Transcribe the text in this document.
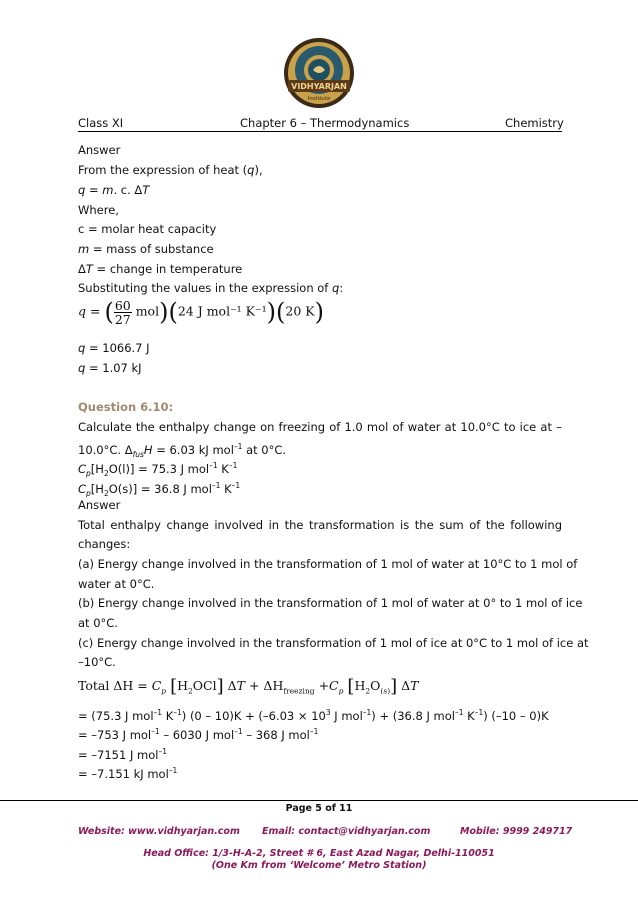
VIDHYARJAN
Institute
Class XI	Chapter 6 – Thermodynamics	Chemistry
Answer
From the expression of heat (q),
q = m. c. ΔT
Where,
c = molar heat capacity
m = mass of substance
ΔT = change in temperature
Substituting the values in the expression of q:
q = ( $\frac{60}{27} mol)(24$ J mol⁻¹ K⁻¹)(20 K)
q = 1066.7 J
q = 1.07 kJ
Question 6.10:
Calculate the enthalpy change on freezing of 1.0 mol of water at 10.0°C to ice at –
10.0°C. $\Delta_{fus}H = 6.03$ kJ mol$^{-1}$ at 0°C.
$C_p[H_2O(l)] = 75.3$ J mol$^{-1}$ $K^{-1}$
$C_p[H_2O(s)] = 36.8$ J mol$^{-1}$ $K^{-1}$
Answer
Total enthalpy change involved in the transformation is the sum of the following
changes:
(a) Energy change involved in the transformation of 1 mol of water at 10°C to 1 mol of
water at 0°C.
(b) Energy change involved in the transformation of 1 mol of water at 0° to 1 mol of ice
at 0°C.
(c) Energy change involved in the transformation of 1 mol of ice at 0°C to 1 mol of ice at
–10°C.
Total $\Delta H = C_p$ $[H_2OCl] \Delta T + \Delta H_{freezing} +C_p$ $[H_2O_{(s)}]$ ΔT
= (75.3 J mol$^{-1}$ $K^{-1}$) $(0 - 10)K + (-6.03 \times 10^3$ J mol$^{-1}$) + (36.8 J mol$^{-1}$ $K^{-1}$) (–10 – 0)K
= –753 J mol$^{-1}$ – 6030 J mol$^{-1}$ – 368 J mol$^{-1}$
= –7151 J mol$^{-1}$
= –7.151 kJ mol$^{-1}$
Page 5 of 11
Website: www.vidhyarjan.com Email: contact@vidhyarjan.com	Mobile: 9999 249717
Head Office: 1/3-H-A-2, Street # 6, East Azad Nagar, Delhi-110051
(One Km from ‘Welcome’ Metro Station)
